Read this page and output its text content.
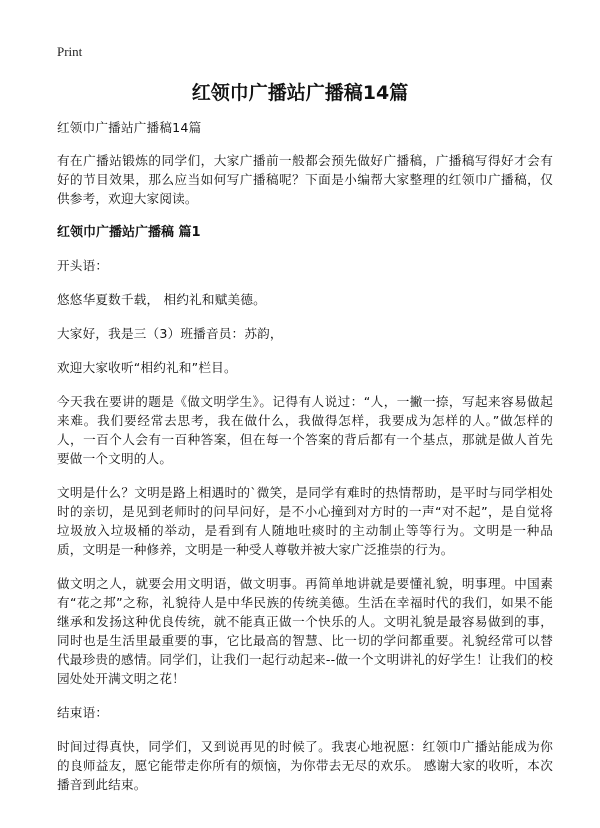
Print
红领巾广播站广播稿14篇

红领巾广播站广播稿14篇

有在广播站锻炼的同学们，大家广播前一般都会预先做好广播稿，广播稿写得好才会有好的节目效果，那么应当如何写广播稿呢？下面是小编帮大家整理的红领巾广播稿，仅供参考，欢迎大家阅读。

红领巾广播站广播稿 篇1

开头语：

悠悠华夏数千载， 相约礼和赋美德。

大家好，我是三（3）班播音员：苏韵，

欢迎大家收听“相约礼和”栏目。

今天我在要讲的题是《做文明学生》。记得有人说过：“人，一撇一捺，写起来容易做起来难。我们要经常去思考，我在做什么，我做得怎样，我要成为怎样的人。”做怎样的人，一百个人会有一百种答案，但在每一个答案的背后都有一个基点，那就是做人首先要做一个文明的人。

文明是什么？文明是路上相遇时的`微笑，是同学有难时的热情帮助，是平时与同学相处时的亲切，是见到老师时的问早问好，是不小心撞到对方时的一声“对不起”，是自觉将垃圾放入垃圾桶的举动，是看到有人随地吐痰时的主动制止等等行为。文明是一种品质，文明是一种修养，文明是一种受人尊敬并被大家广泛推崇的行为。

做文明之人，就要会用文明语，做文明事。再简单地讲就是要懂礼貌，明事理。中国素有“花之邦”之称，礼貌待人是中华民族的传统美德。生活在幸福时代的我们，如果不能继承和发扬这种优良传统，就不能真正做一个快乐的人。文明礼貌是最容易做到的事，同时也是生活里最重要的事，它比最高的智慧、比一切的学问都重要。礼貌经常可以替代最珍贵的感情。同学们，让我们一起行动起来--做一个文明讲礼的好学生！让我们的校园处处开满文明之花！

结束语：

时间过得真快，同学们，又到说再见的时候了。我衷心地祝愿：红领巾广播站能成为你的良师益友，愿它能带走你所有的烦恼，为你带去无尽的欢乐。 感谢大家的收听，本次播音到此结束。
